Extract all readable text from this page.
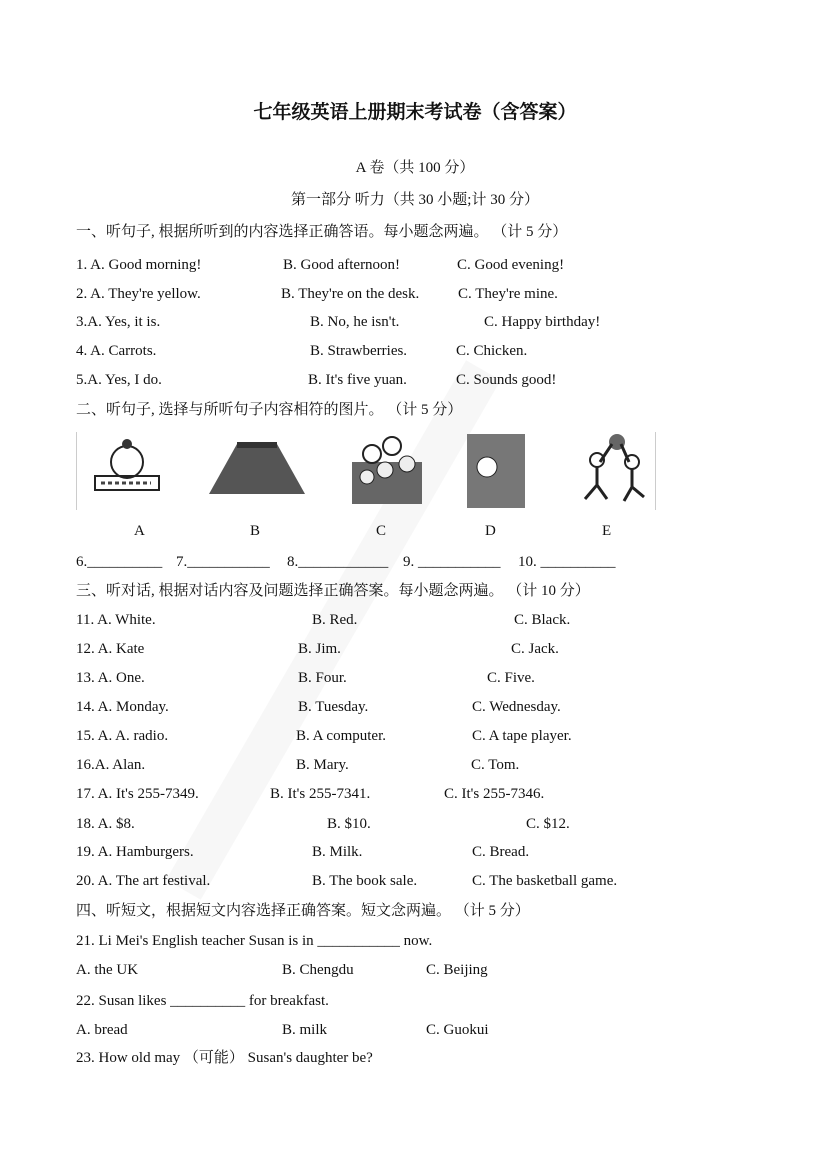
七年级英语上册期末考试卷（含答案）
A 卷（共 100 分）
第一部分 听力（共 30 小题;计 30 分）
一、听句子, 根据所听到的内容选择正确答语。每小题念两遍。 （计 5 分）
1. A. Good morning!	B. Good afternoon!	C. Good evening!
2. A. They're yellow.	B. They're on the desk.	C. They're mine.
3.A. Yes, it is.	B. No, he isn't.	C. Happy birthday!
4. A. Carrots.	B. Strawberries.	C. Chicken.
5.A. Yes, I do.	B. It's five yuan.	C. Sounds good!
二、听句子, 选择与所听句子内容相符的图片。 （计 5 分）
A	B	C	D	E
6.__________ 7.___________ 8.____________ 9. ___________ 10. __________
三、听对话, 根据对话内容及问题选择正确答案。每小题念两遍。 （计 10 分）
11. A. White.	B. Red.	C. Black.
12. A. Kate	B. Jim.	C. Jack.
13. A. One.	B. Four.	C. Five.
14. A. Monday.	B. Tuesday.	C. Wednesday.
15. A. A. radio.	B. A computer.	C. A tape player.
16.A. Alan.	B. Mary.	C. Tom.
17. A. It's 255-7349.	B. It's 255-7341.	C. It's 255-7346.
18. A. $8.	B. $10.	C. $12.
19. A. Hamburgers.	B. Milk.	C. Bread.
20. A. The art festival.	B. The book sale.	C. The basketball game.
四、听短文，根据短文内容选择正确答案。短文念两遍。 （计 5 分）
21. Li Mei's English teacher Susan is in ___________ now.
A. the UK	B. Chengdu	C. Beijing
22. Susan likes __________ for breakfast.
A. bread	B. milk	C. Guokui
23. How old may （可能） Susan's daughter be?
